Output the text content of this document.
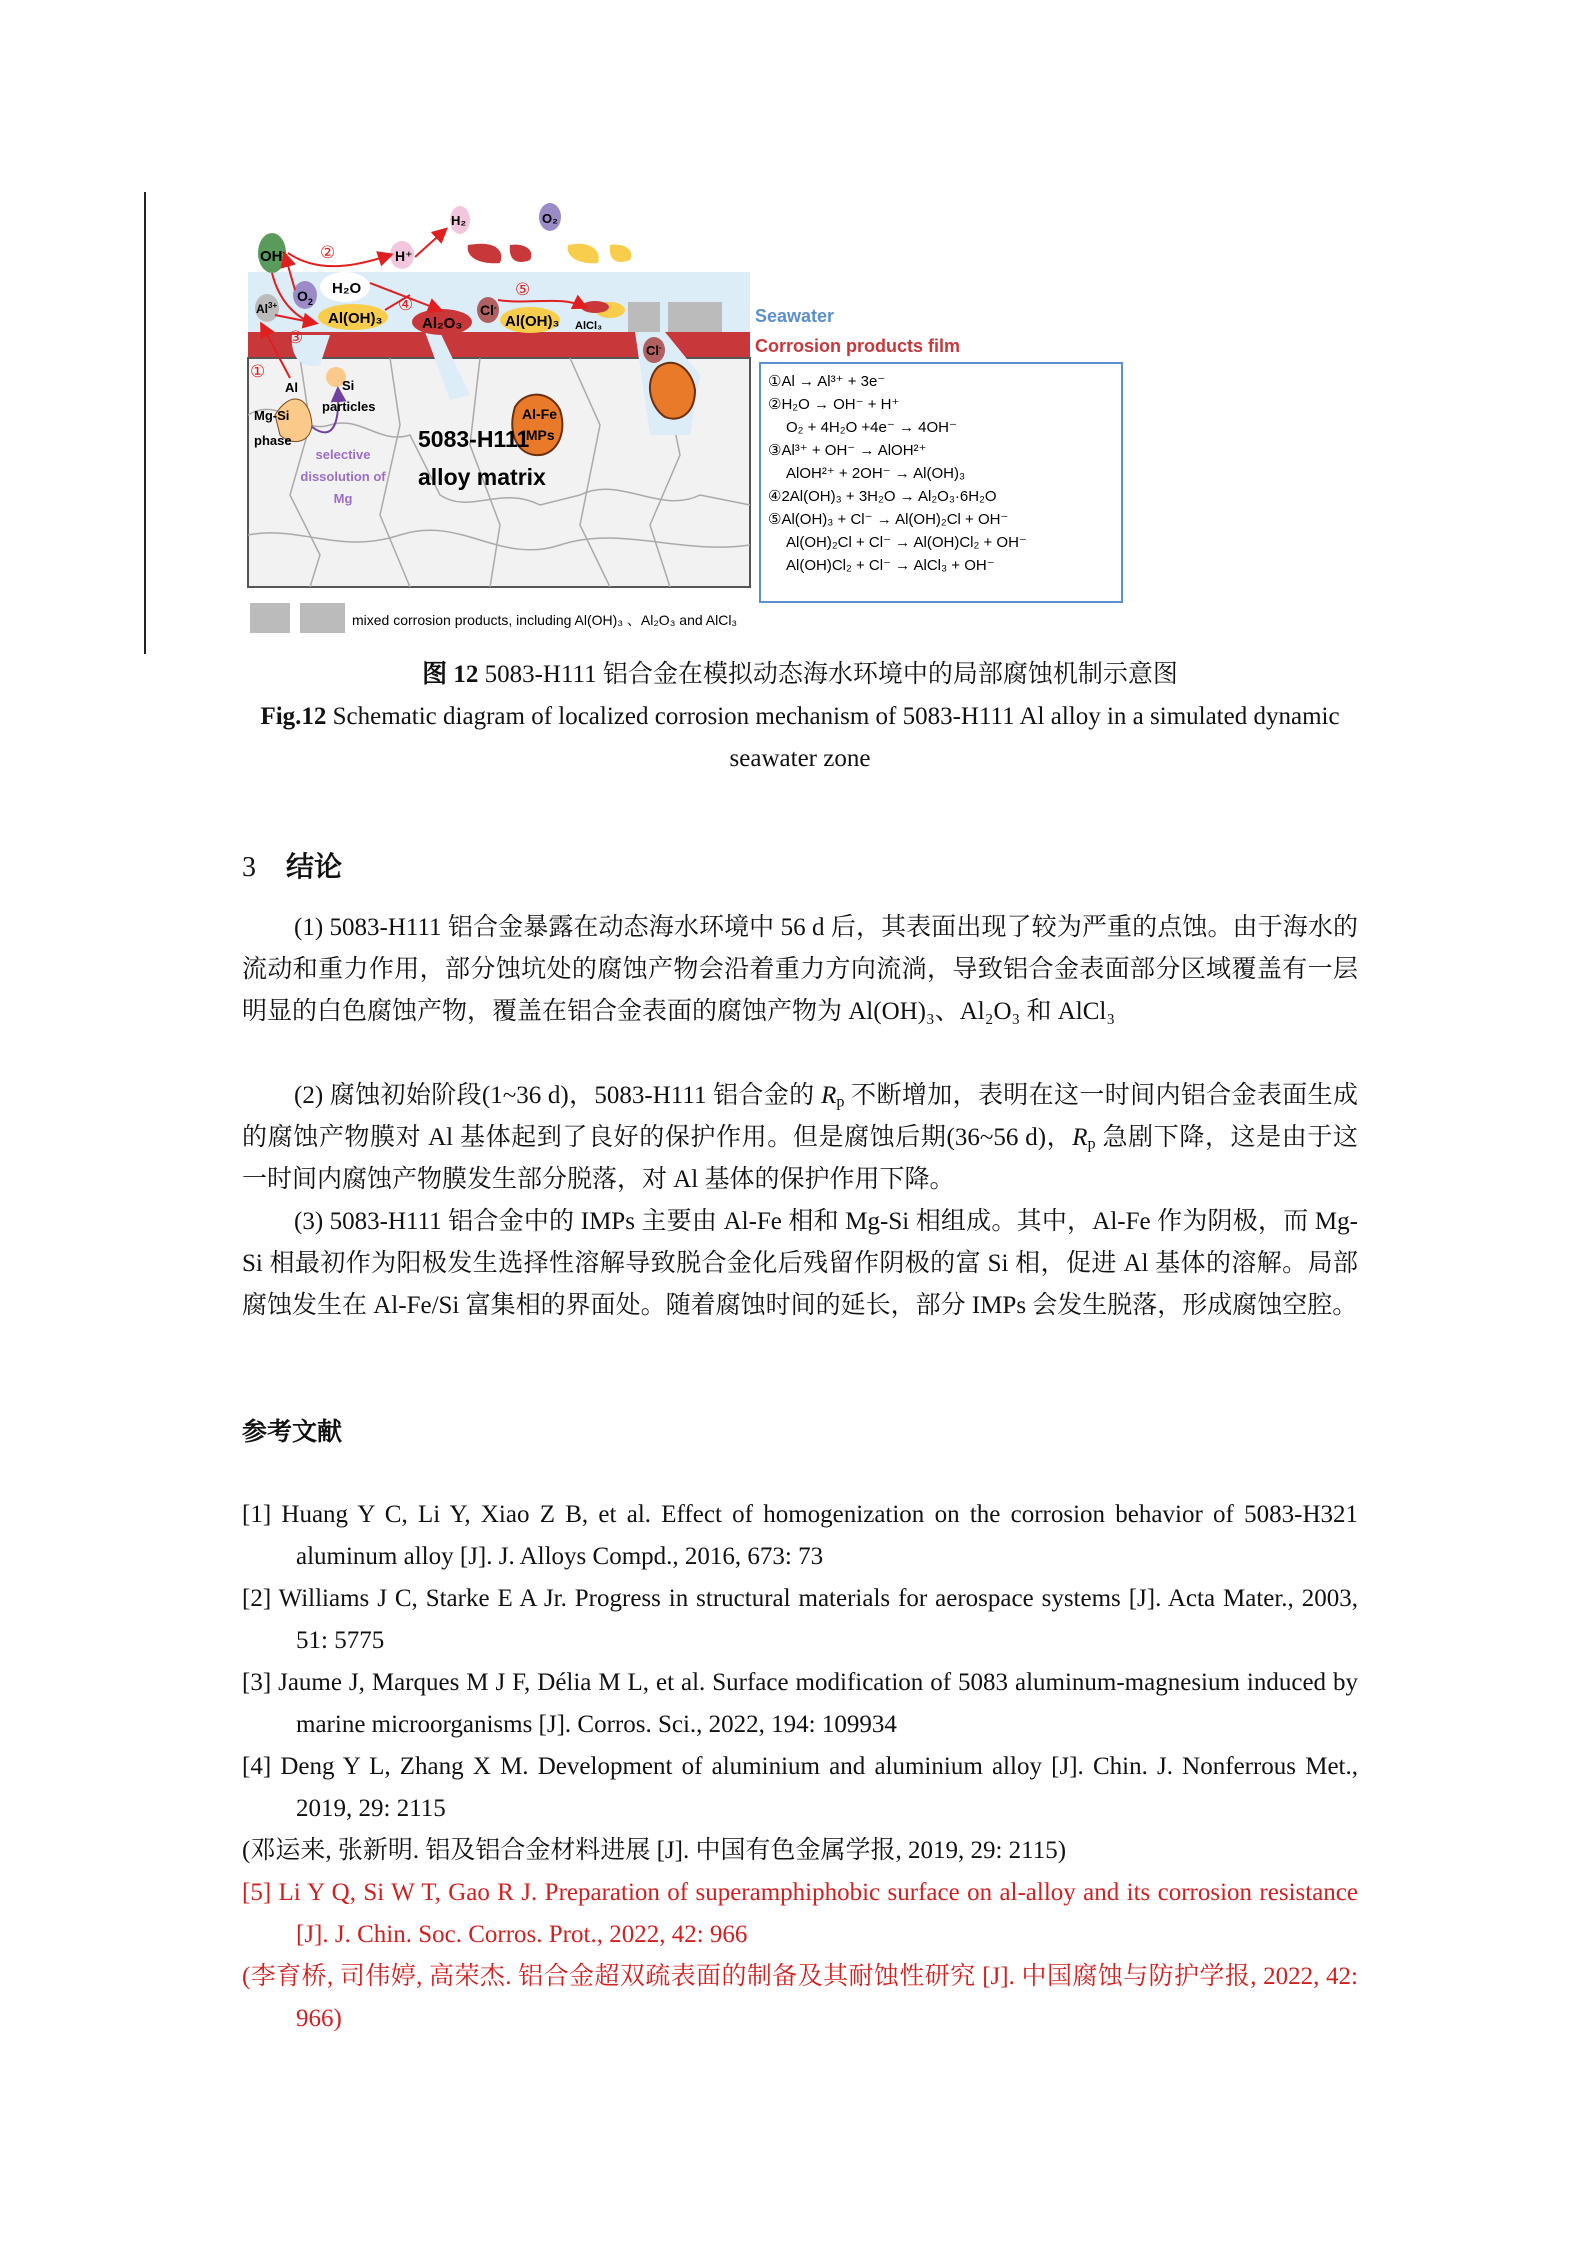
OH-
$O_2$
H₂O
$Al^{3+}$
Al(OH)₃	Al₂O₃
Cl-
Al(OH)₃ AlCl₃
Cl-
H⁺
H₂	O₂
①
②
③
④
⑤
Al	Si
particles
Mg-Si
phase
selective
dissolution of
Mg
5083-H111
alloy matrix
Al-Fe
IMPs
Seawater
Corrosion products film
①Al → Al³⁺ + 3e⁻
②H₂O → OH⁻ + H⁺
O₂ + 4H₂O +4e⁻ → 4OH⁻
③Al³⁺ + OH⁻ → AlOH²⁺
AlOH²⁺ + 2OH⁻ → Al(OH)₃
④2Al(OH)₃ + 3H₂O → Al₂O₃·6H₂O
⑤Al(OH)₃ + Cl⁻ → Al(OH)₂Cl + OH⁻
Al(OH)₂Cl + Cl⁻ → Al(OH)Cl₂ + OH⁻
Al(OH)Cl₂ + Cl⁻ → AlCl₃ + OH⁻
mixed corrosion products, including Al(OH)₃ 、Al₂O₃ and AlCl₃
图 12 5083-H111 铝合金在模拟动态海水环境中的局部腐蚀机制示意图
Fig.12 Schematic diagram of localized corrosion mechanism of 5083-H111 Al alloy in a simulated dynamic seawater zone
3 结论
(1) 5083-H111 铝合金暴露在动态海水环境中 56 d 后，其表面出现了较为严重的点蚀。由于海水的流动和重力作用，部分蚀坑处的腐蚀产物会沿着重力方向流淌，导致铝合金表面部分区域覆盖有一层明显的白色腐蚀产物，覆盖在铝合金表面的腐蚀产物为 Al(OH)₃、Al₂O₃ 和 AlCl₃
(2) 腐蚀初始阶段(1~36 d)，5083-H111 铝合金的 $R_p$ 不断增加，表明在这一时间内铝合金表面生成的腐蚀产物膜对 Al 基体起到了良好的保护作用。但是腐蚀后期(36~56 d)，$R_p$ 急剧下降，这是由于这一时间内腐蚀产物膜发生部分脱落，对 Al 基体的保护作用下降。
(3) 5083-H111 铝合金中的 IMPs 主要由 Al-Fe 相和 Mg-Si 相组成。其中，Al-Fe 作为阴极，而 Mg-Si 相最初作为阳极发生选择性溶解导致脱合金化后残留作阴极的富 Si 相，促进 Al 基体的溶解。局部腐蚀发生在 Al-Fe/Si 富集相的界面处。随着腐蚀时间的延长，部分 IMPs 会发生脱落，形成腐蚀空腔。
参考文献
[1] Huang Y C, Li Y, Xiao Z B, et al. Effect of homogenization on the corrosion behavior of 5083-H321 aluminum alloy [J]. J. Alloys Compd., 2016, 673: 73
[2] Williams J C, Starke E A Jr. Progress in structural materials for aerospace systems [J]. Acta Mater., 2003, 51: 5775
[3] Jaume J, Marques M J F, Délia M L, et al. Surface modification of 5083 aluminum-magnesium induced by marine microorganisms [J]. Corros. Sci., 2022, 194: 109934
[4] Deng Y L, Zhang X M. Development of aluminium and aluminium alloy [J]. Chin. J. Nonferrous Met., 2019, 29: 2115
(邓运来, 张新明. 铝及铝合金材料进展 [J]. 中国有色金属学报, 2019, 29: 2115)
[5] Li Y Q, Si W T, Gao R J. Preparation of superamphiphobic surface on al-alloy and its corrosion resistance [J]. J. Chin. Soc. Corros. Prot., 2022, 42: 966
(李育桥, 司伟婷, 高荣杰. 铝合金超双疏表面的制备及其耐蚀性研究 [J]. 中国腐蚀与防护学报, 2022, 42: 966)
